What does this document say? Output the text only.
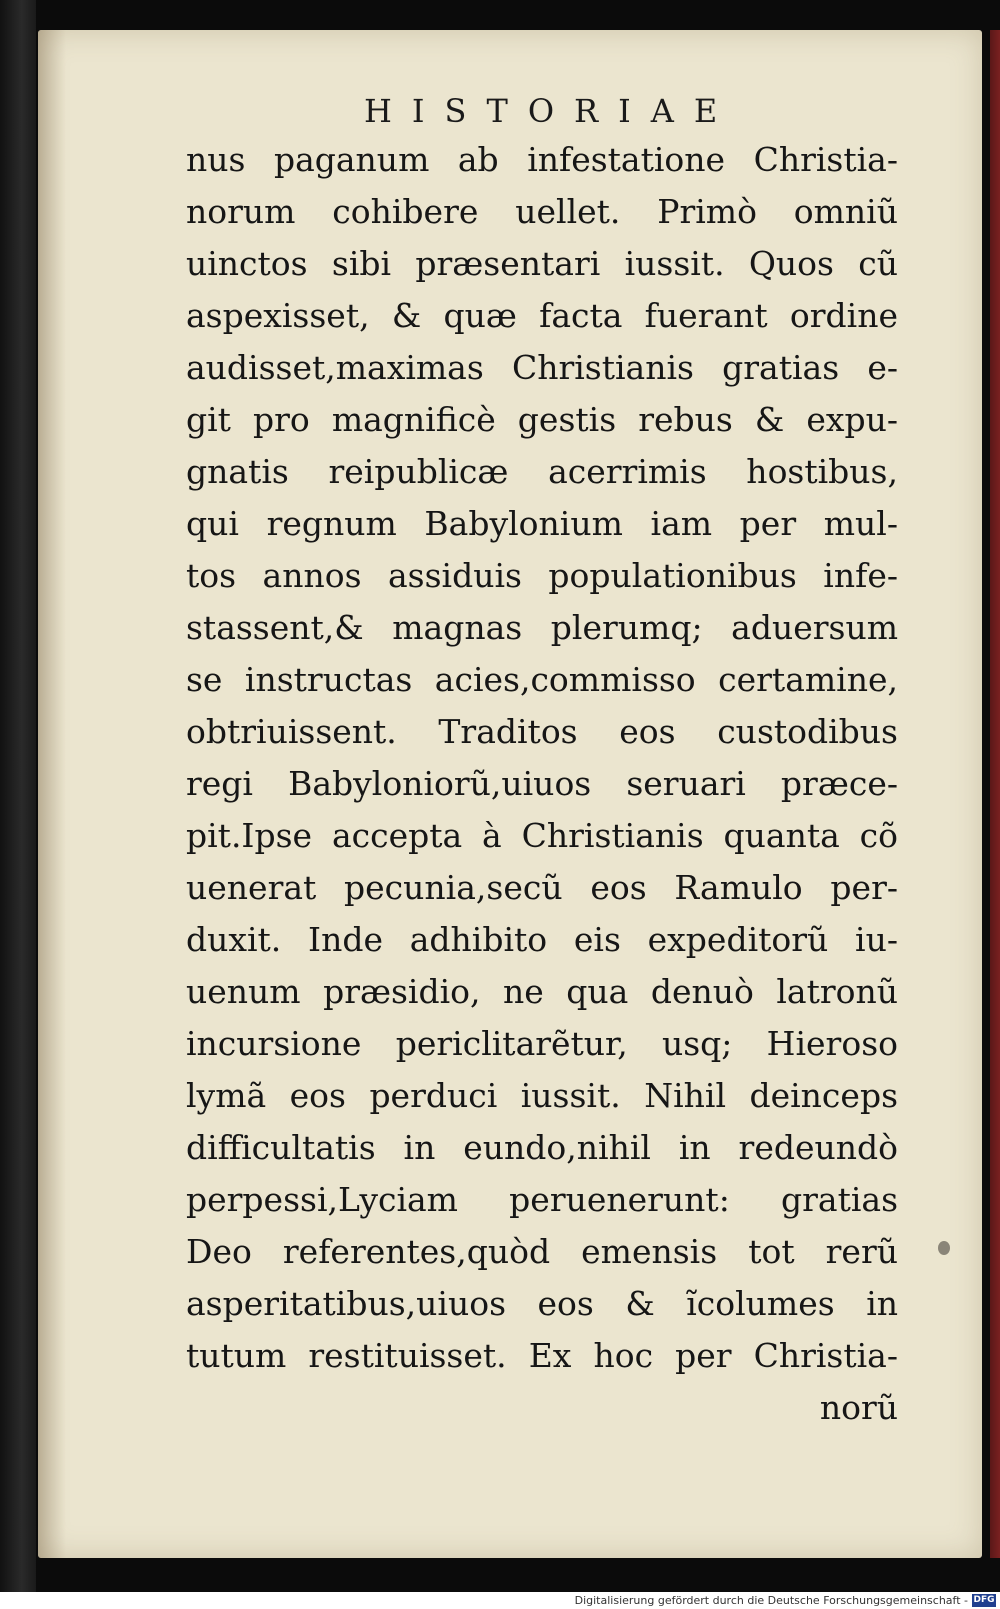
HISTORIAE
nus paganum ab infestatione Christia-
norum cohibere uellet. Primò omniũ
uinctos sibi præsentari iussit. Quos cũ
aspexisset, & quæ facta fuerant ordine
audisset,maximas Christianis gratias e-
git pro magnificè gestis rebus & expu-
gnatis reipublicæ acerrimis hostibus,
qui regnum Babylonium iam per mul-
tos annos assiduis populationibus infe-
stassent,& magnas plerumq; aduersum
se instructas acies,commisso certamine,
obtriuissent. Traditos eos custodibus
regi Babyloniorũ,uiuos seruari præce-
pit.Ipse accepta à Christianis quanta cõ
uenerat pecunia,secũ eos Ramulo per-
duxit. Inde adhibito eis expeditorũ iu-
uenum præsidio, ne qua denuò latronũ
incursione periclitarẽtur, usq; Hieroso
lymã eos perduci iussit. Nihil deinceps
difficultatis in eundo,nihil in redeundò
perpessi,Lyciam peruenerunt: gratias
Deo referentes,quòd emensis tot rerũ
asperitatibus,uiuos eos & ĩcolumes in
tutum restituisset. Ex hoc per Christia-
norũ
Digitalisierung gefördert durch die Deutsche Forschungsgemeinschaft - DFG
